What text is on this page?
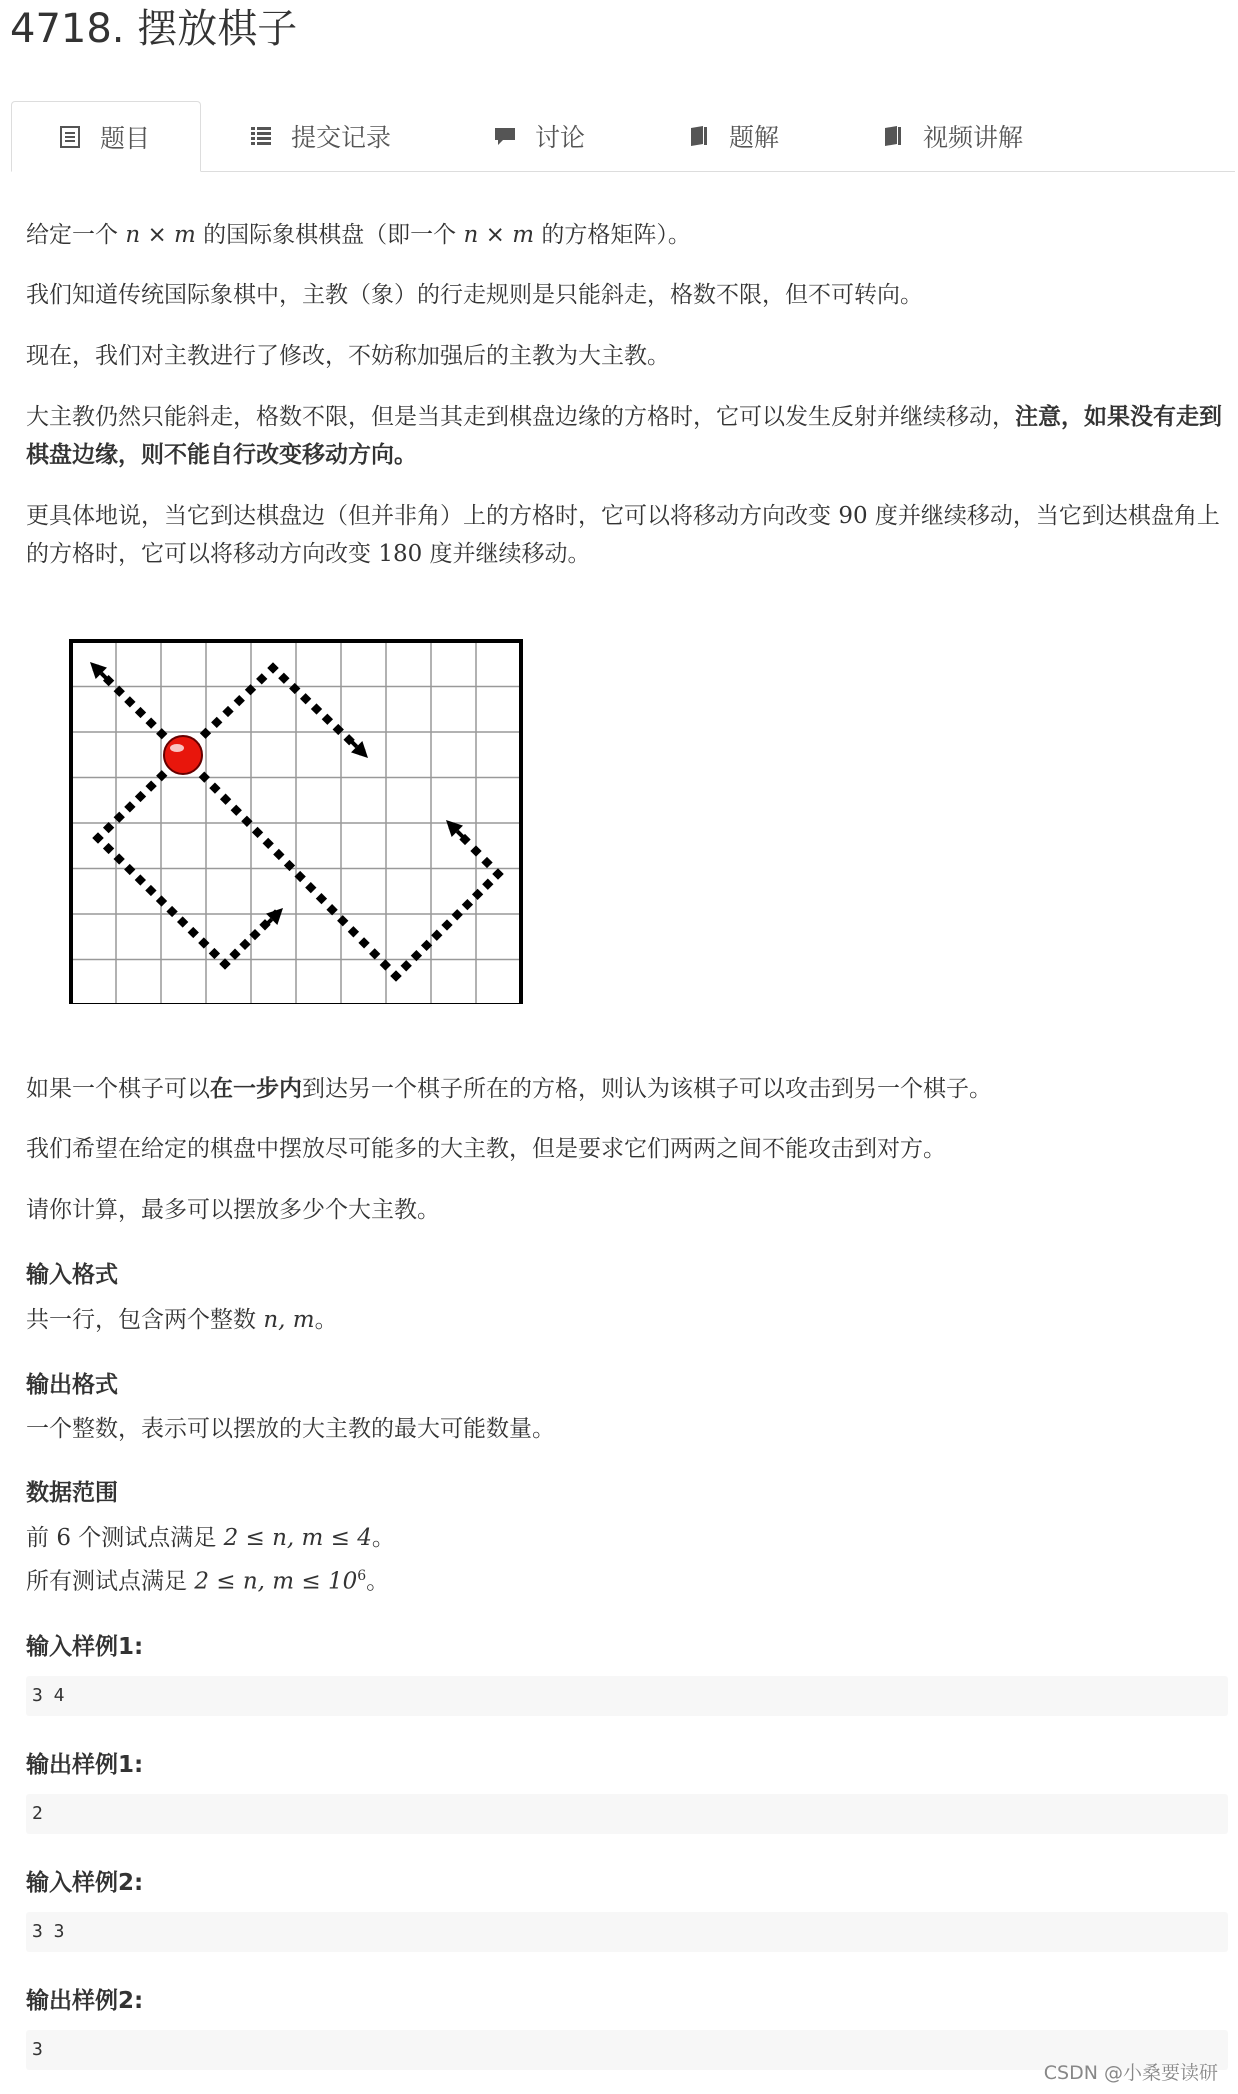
4718. 摆放棋子
题目	提交记录	讨论	题解	视频讲解

给定一个 n × m 的国际象棋棋盘（即一个 n × m 的方格矩阵）。

我们知道传统国际象棋中，主教（象）的行走规则是只能斜走，格数不限，但不可转向。

现在，我们对主教进行了修改，不妨称加强后的主教为大主教。

大主教仍然只能斜走，格数不限，但是当其走到棋盘边缘的方格时，它可以发生反射并继续移动，注意，如果没有走到棋盘边缘，则不能自行改变移动方向。

更具体地说，当它到达棋盘边（但并非角）上的方格时，它可以将移动方向改变 90 度并继续移动，当它到达棋盘角上的方格时，它可以将移动方向改变 180 度并继续移动。

如果一个棋子可以在一步内到达另一个棋子所在的方格，则认为该棋子可以攻击到另一个棋子。

我们希望在给定的棋盘中摆放尽可能多的大主教，但是要求它们两两之间不能攻击到对方。

请你计算，最多可以摆放多少个大主教。

输入格式

共一行，包含两个整数 n, m。

输出格式

一个整数，表示可以摆放的大主教的最大可能数量。

数据范围

前 6 个测试点满足 2 ≤ n, m ≤ 4。

所有测试点满足 2 ≤ n, $m \le 10^6$。

输入样例1:
3 4
输出样例1:
2
输入样例2:
3 3
输出样例2:
3
CSDN @小桑要读研
